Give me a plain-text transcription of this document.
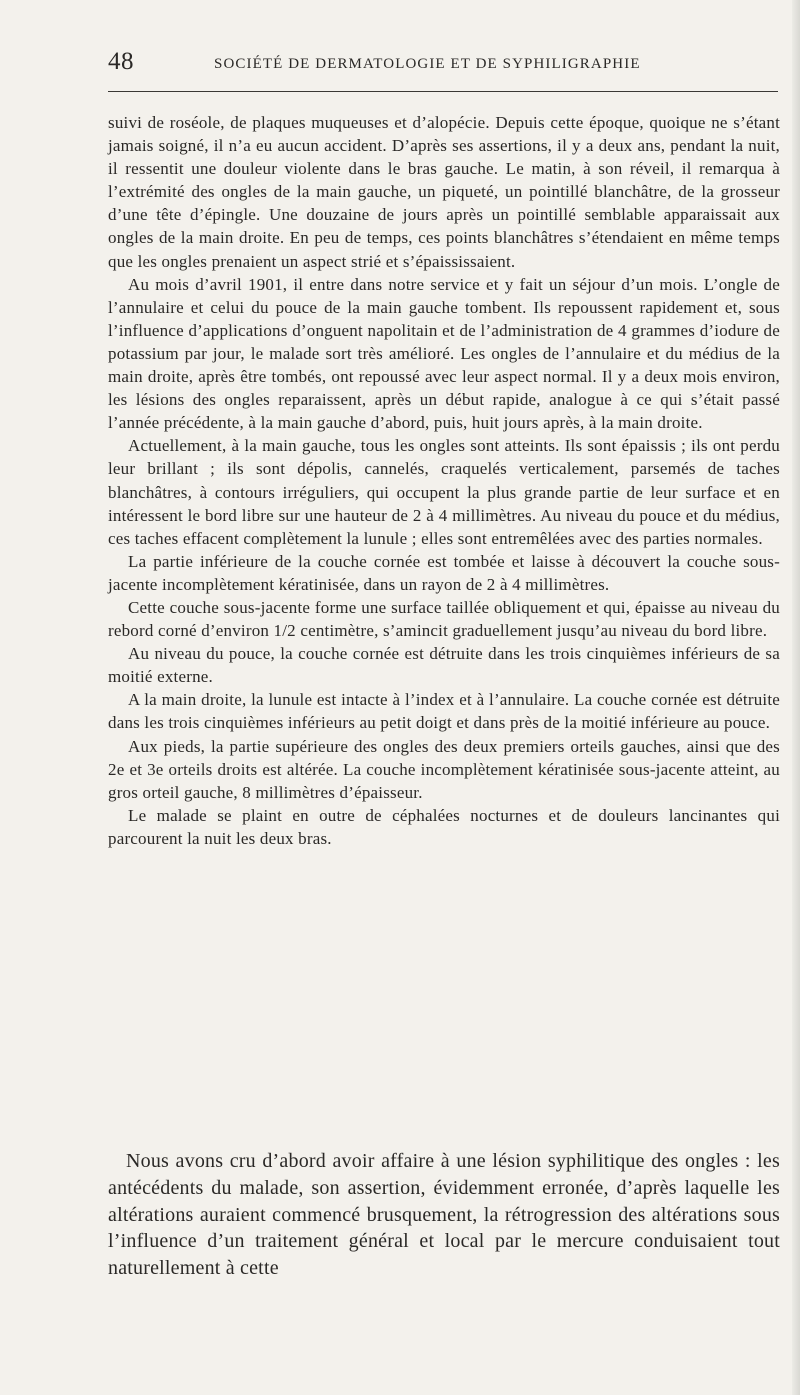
48	SOCIÉTÉ DE DERMATOLOGIE ET DE SYPHILIGRAPHIE

suivi de roséole, de plaques muqueuses et d’alopécie. Depuis cette époque, quoique ne s’étant jamais soigné, il n’a eu aucun accident. D’après ses assertions, il y a deux ans, pendant la nuit, il ressentit une douleur violente dans le bras gauche. Le matin, à son réveil, il remarqua à l’extrémité des ongles de la main gauche, un piqueté, un pointillé blanchâtre, de la grosseur d’une tête d’épingle. Une douzaine de jours après un pointillé semblable apparaissait aux ongles de la main droite. En peu de temps, ces points blanchâtres s’étendaient en même temps que les ongles prenaient un aspect strié et s’épaississaient.

Au mois d’avril 1901, il entre dans notre service et y fait un séjour d’un mois. L’ongle de l’annulaire et celui du pouce de la main gauche tombent. Ils repoussent rapidement et, sous l’influence d’applications d’onguent napolitain et de l’administration de 4 grammes d’iodure de potassium par jour, le malade sort très amélioré. Les ongles de l’annulaire et du médius de la main droite, après être tombés, ont repoussé avec leur aspect normal. Il y a deux mois environ, les lésions des ongles reparaissent, après un début rapide, analogue à ce qui s’était passé l’année précédente, à la main gauche d’abord, puis, huit jours après, à la main droite.

Actuellement, à la main gauche, tous les ongles sont atteints. Ils sont épaissis ; ils ont perdu leur brillant ; ils sont dépolis, cannelés, craquelés verticalement, parsemés de taches blanchâtres, à contours irréguliers, qui occupent la plus grande partie de leur surface et en intéressent le bord libre sur une hauteur de 2 à 4 millimètres. Au niveau du pouce et du médius, ces taches effacent complètement la lunule ; elles sont entremêlées avec des parties normales.

La partie inférieure de la couche cornée est tombée et laisse à découvert la couche sous-jacente incomplètement kératinisée, dans un rayon de 2 à 4 millimètres.

Cette couche sous-jacente forme une surface taillée obliquement et qui, épaisse au niveau du rebord corné d’environ 1/2 centimètre, s’amincit graduellement jusqu’au niveau du bord libre.

Au niveau du pouce, la couche cornée est détruite dans les trois cinquièmes inférieurs de sa moitié externe.

A la main droite, la lunule est intacte à l’index et à l’annulaire. La couche cornée est détruite dans les trois cinquièmes inférieurs au petit doigt et dans près de la moitié inférieure au pouce.

Aux pieds, la partie supérieure des ongles des deux premiers orteils gauches, ainsi que des 2e et 3e orteils droits est altérée. La couche incomplètement kératinisée sous-jacente atteint, au gros orteil gauche, 8 millimètres d’épaisseur.

Le malade se plaint en outre de céphalées nocturnes et de douleurs lancinantes qui parcourent la nuit les deux bras.

Nous avons cru d’abord avoir affaire à une lésion syphilitique des ongles : les antécédents du malade, son assertion, évidemment erronée, d’après laquelle les altérations auraient commencé brusquement, la rétrogression des altérations sous l’influence d’un traitement général et local par le mercure conduisaient tout naturellement à cette
